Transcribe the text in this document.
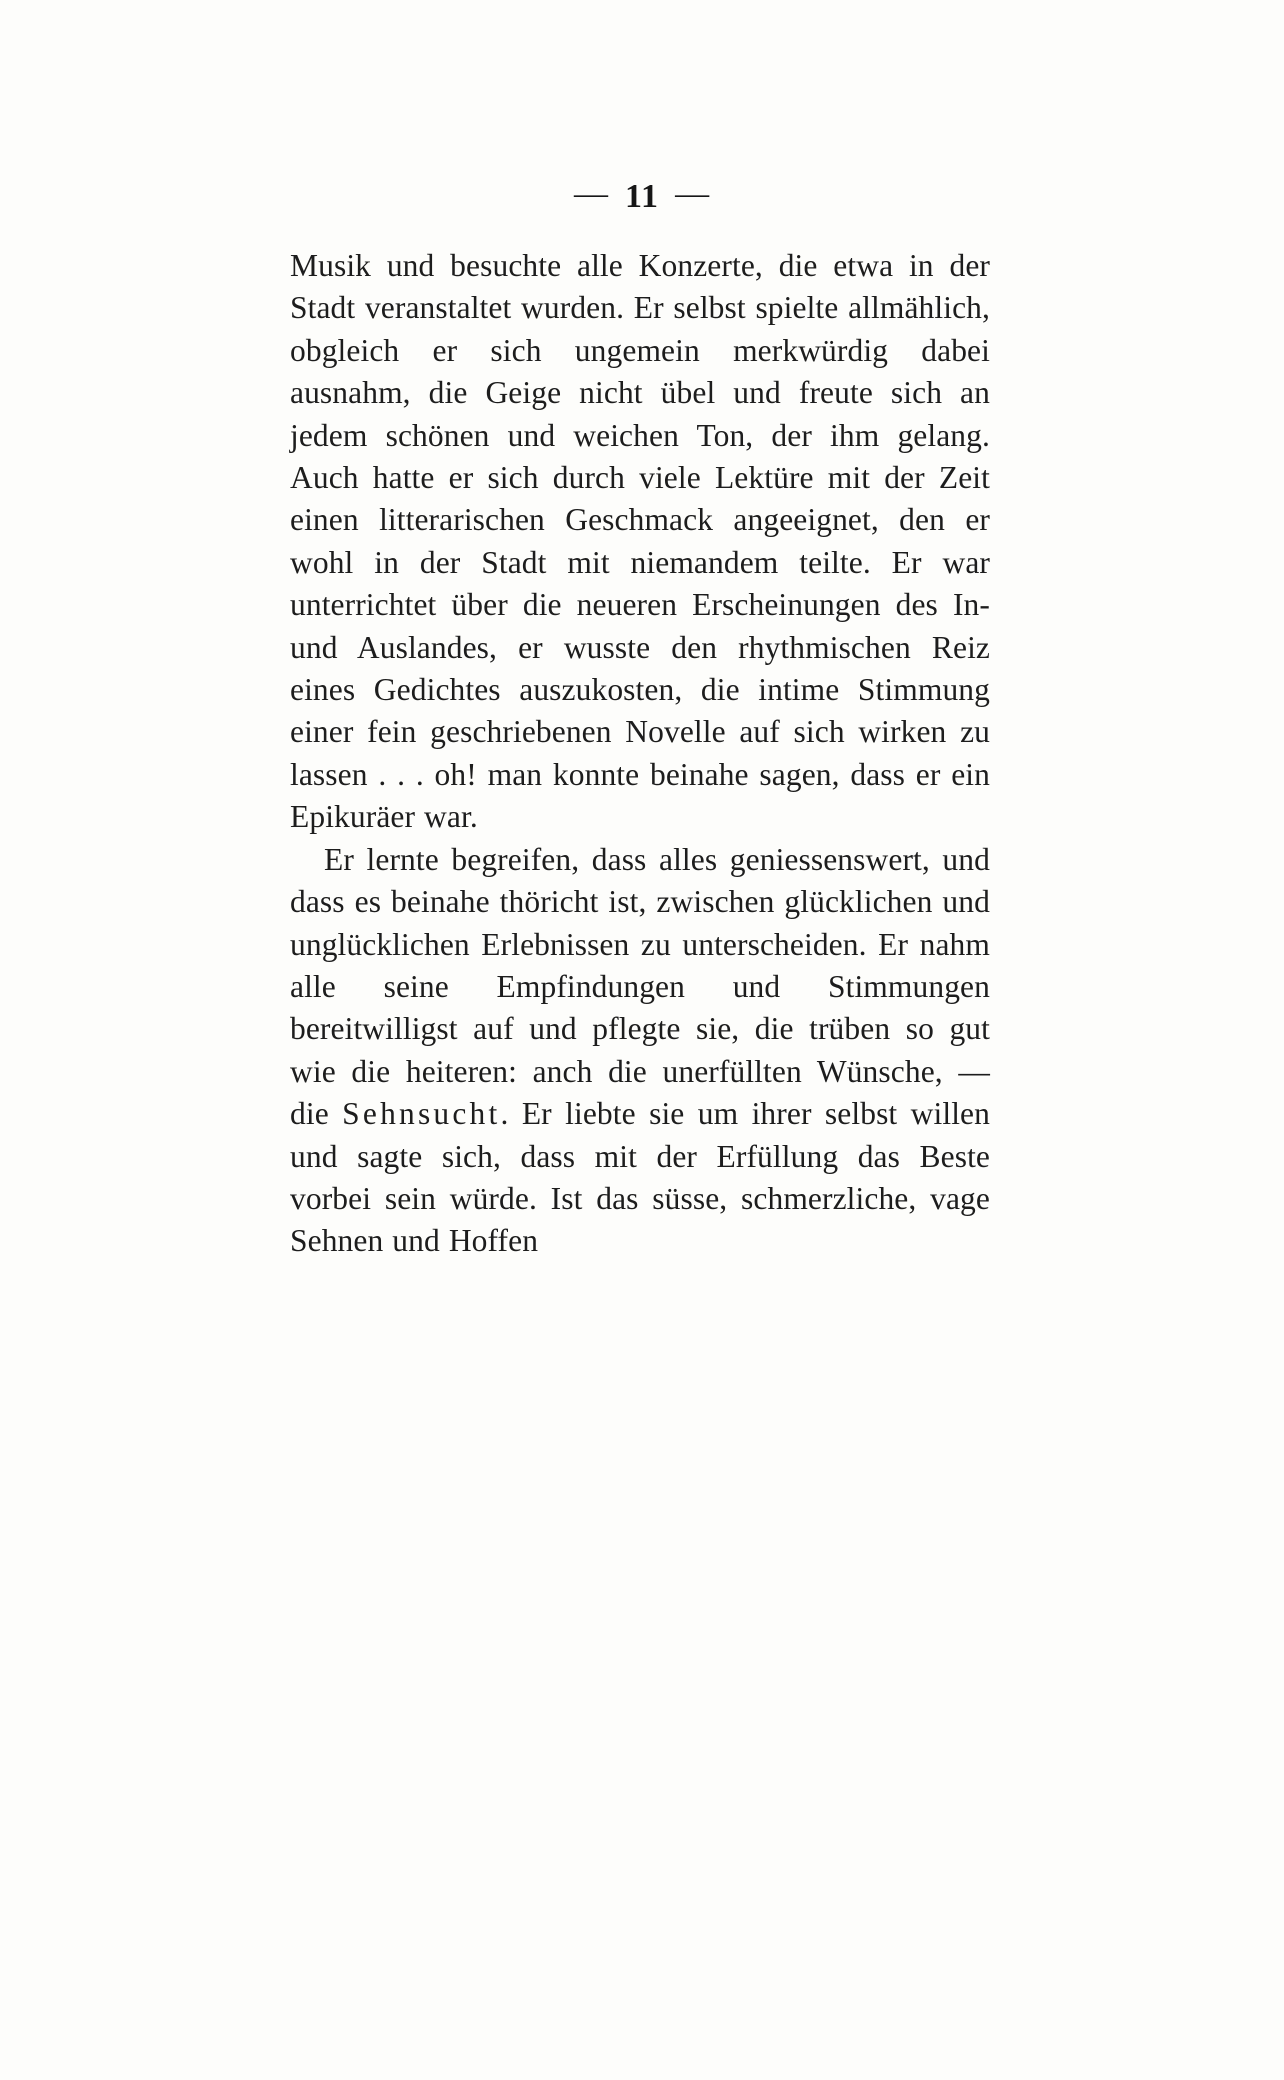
— 11 —

Musik und besuchte alle Konzerte, die etwa in der Stadt veranstaltet wurden. Er selbst spielte allmählich, obgleich er sich ungemein merkwürdig dabei ausnahm, die Geige nicht übel und freute sich an jedem schönen und weichen Ton, der ihm gelang. Auch hatte er sich durch viele Lektüre mit der Zeit einen litterarischen Geschmack angeeignet, den er wohl in der Stadt mit niemandem teilte. Er war unterrichtet über die neueren Erscheinungen des In- und Auslandes, er wusste den rhythmischen Reiz eines Gedichtes auszukosten, die intime Stimmung einer fein geschriebenen Novelle auf sich wirken zu lassen . . . oh! man konnte beinahe sagen, dass er ein Epikuräer war.

Er lernte begreifen, dass alles geniessenswert, und dass es beinahe thöricht ist, zwischen glücklichen und unglücklichen Erlebnissen zu unterscheiden. Er nahm alle seine Empfindungen und Stimmungen bereitwilligst auf und pflegte sie, die trüben so gut wie die heiteren: anch die unerfüllten Wünsche, — die Sehnsucht. Er liebte sie um ihrer selbst willen und sagte sich, dass mit der Erfüllung das Beste vorbei sein würde. Ist das süsse, schmerzliche, vage Sehnen und Hoffen
